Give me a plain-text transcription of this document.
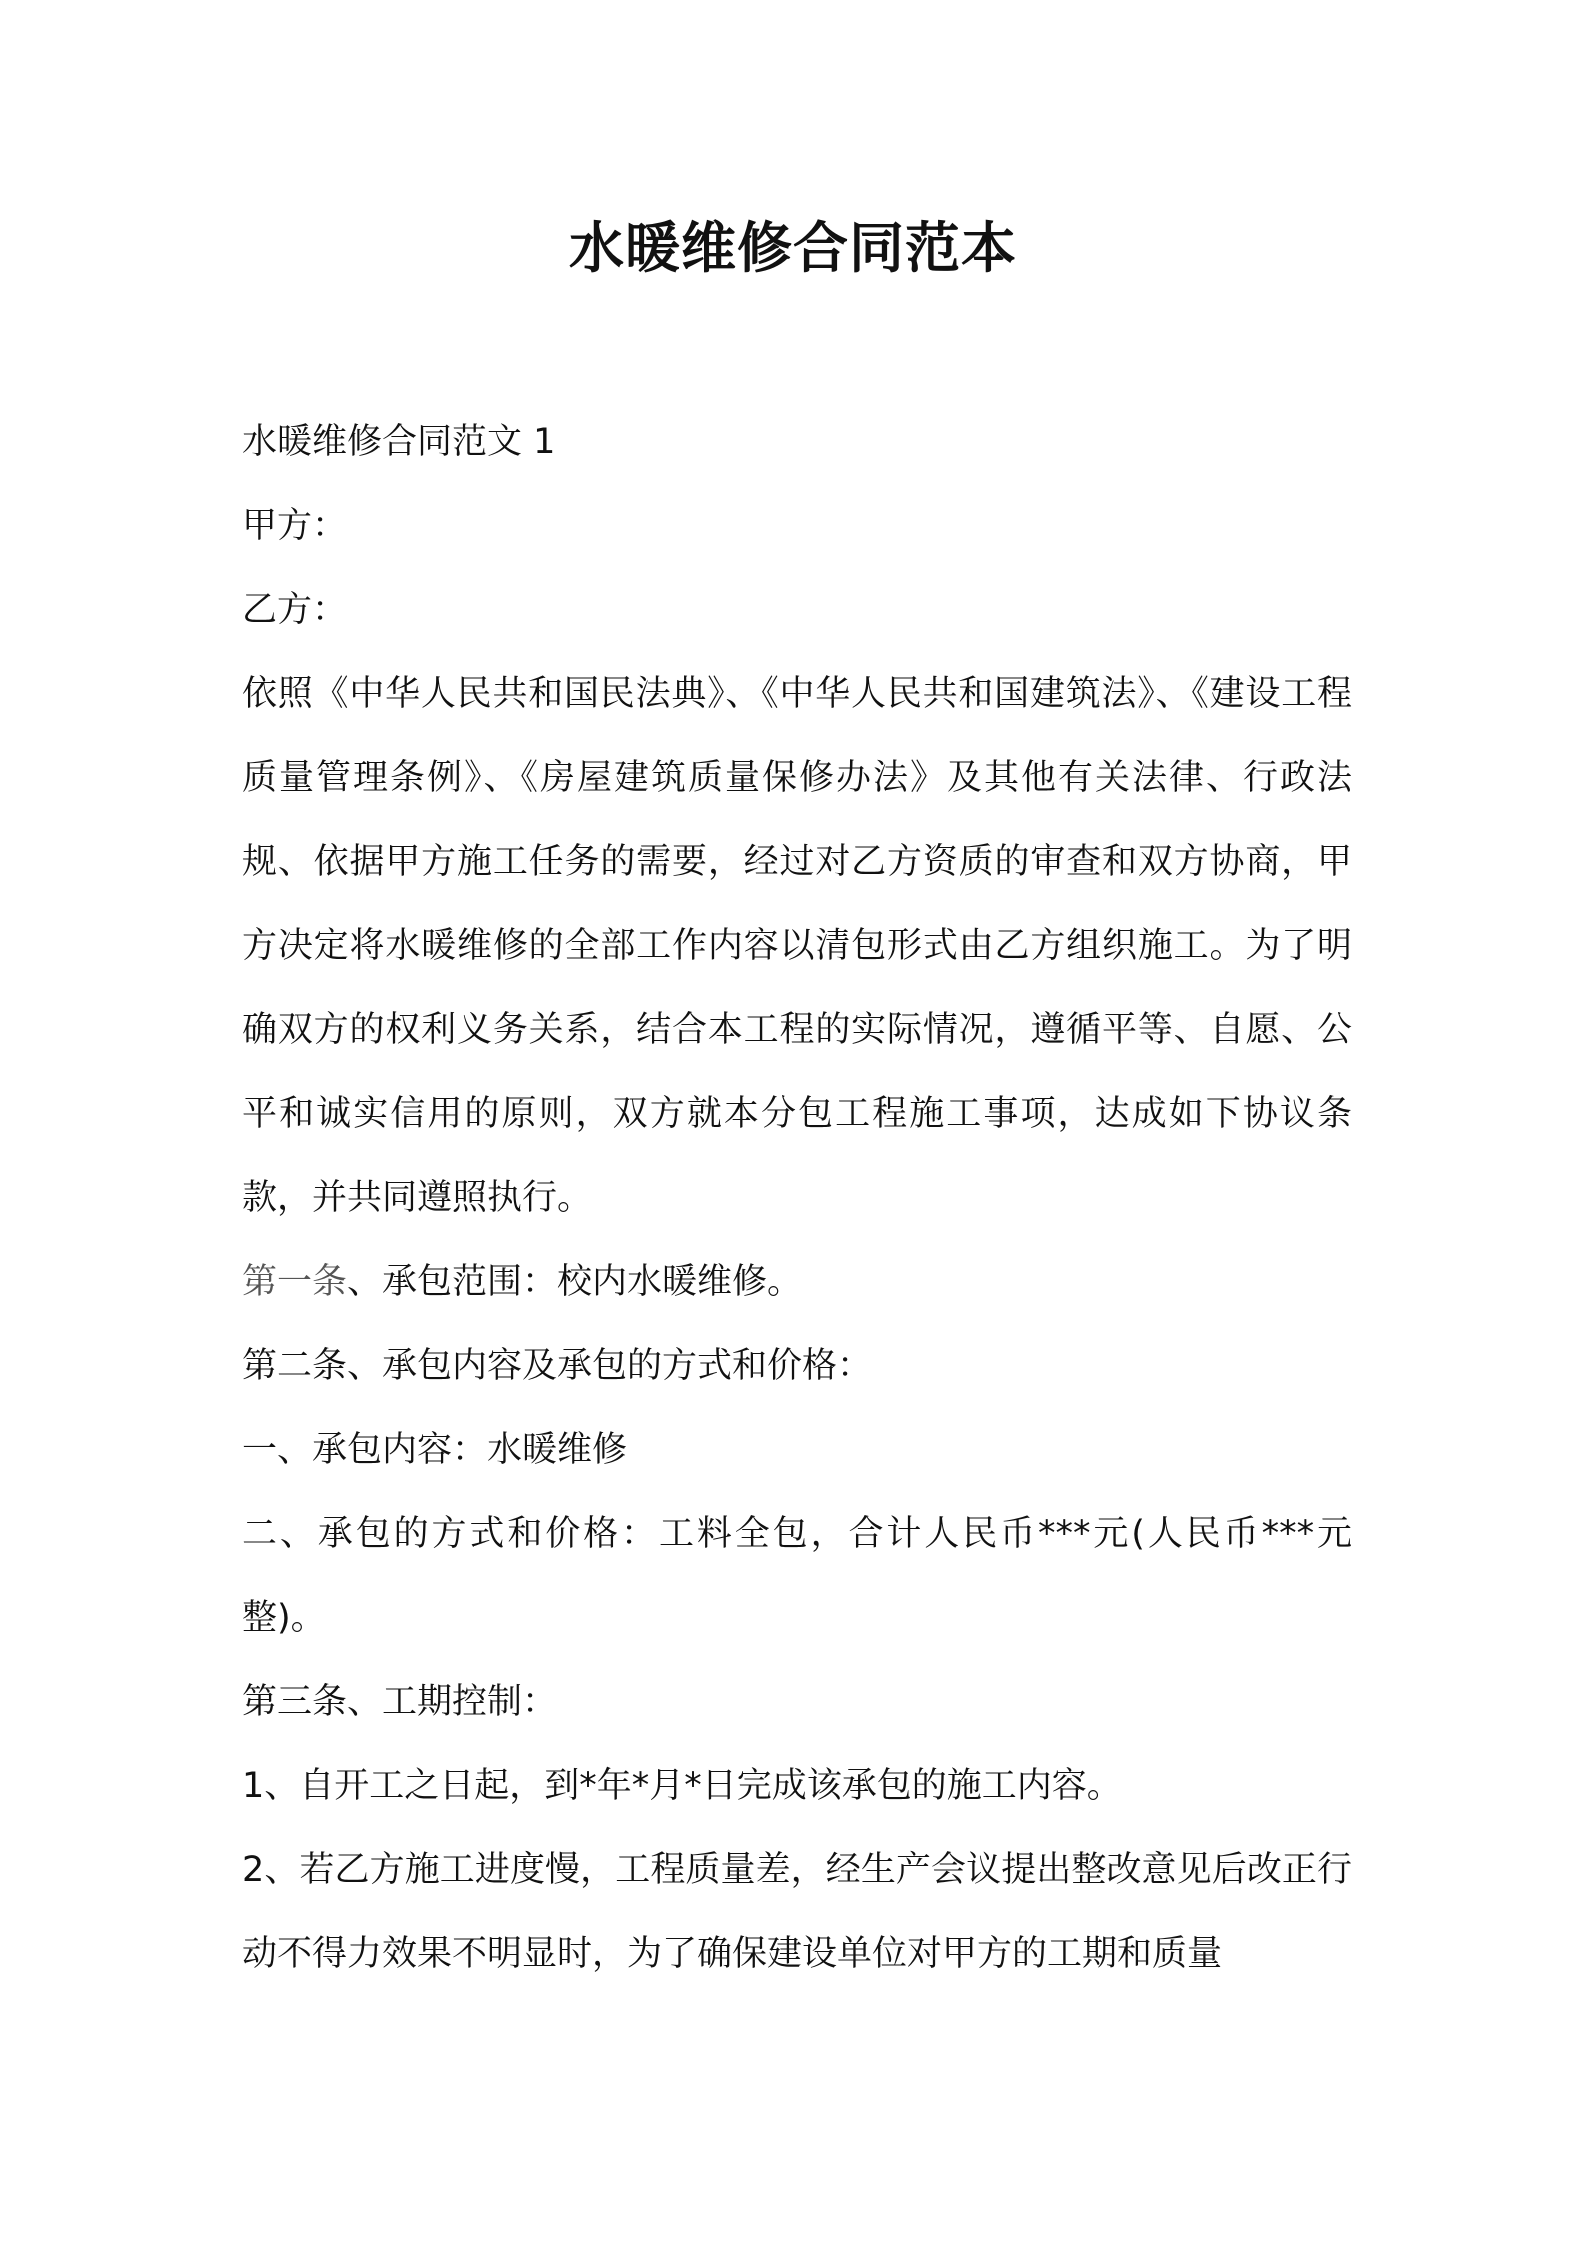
水暖维修合同范本

水暖维修合同范文 1

甲方：

乙方：

依照《中华人民共和国民法典》、《中华人民共和国建筑法》、《建设工程质量管理条例》、《房屋建筑质量保修办法》及其他有关法律、行政法规、依据甲方施工任务的需要，经过对乙方资质的审查和双方协商，甲方决定将水暖维修的全部工作内容以清包形式由乙方组织施工。为了明确双方的权利义务关系，结合本工程的实际情况，遵循平等、自愿、公平和诚实信用的原则，双方就本分包工程施工事项，达成如下协议条款，并共同遵照执行。

第一条、承包范围：校内水暖维修。

第二条、承包内容及承包的方式和价格：

一、承包内容：水暖维修

二、承包的方式和价格：工料全包，合计人民币***元(人民币***元整)。

第三条、工期控制：

1、自开工之日起，到*年*月*日完成该承包的施工内容。

2、若乙方施工进度慢，工程质量差，经生产会议提出整改意见后改正行动不得力效果不明显时，为了确保建设单位对甲方的工期和质量
